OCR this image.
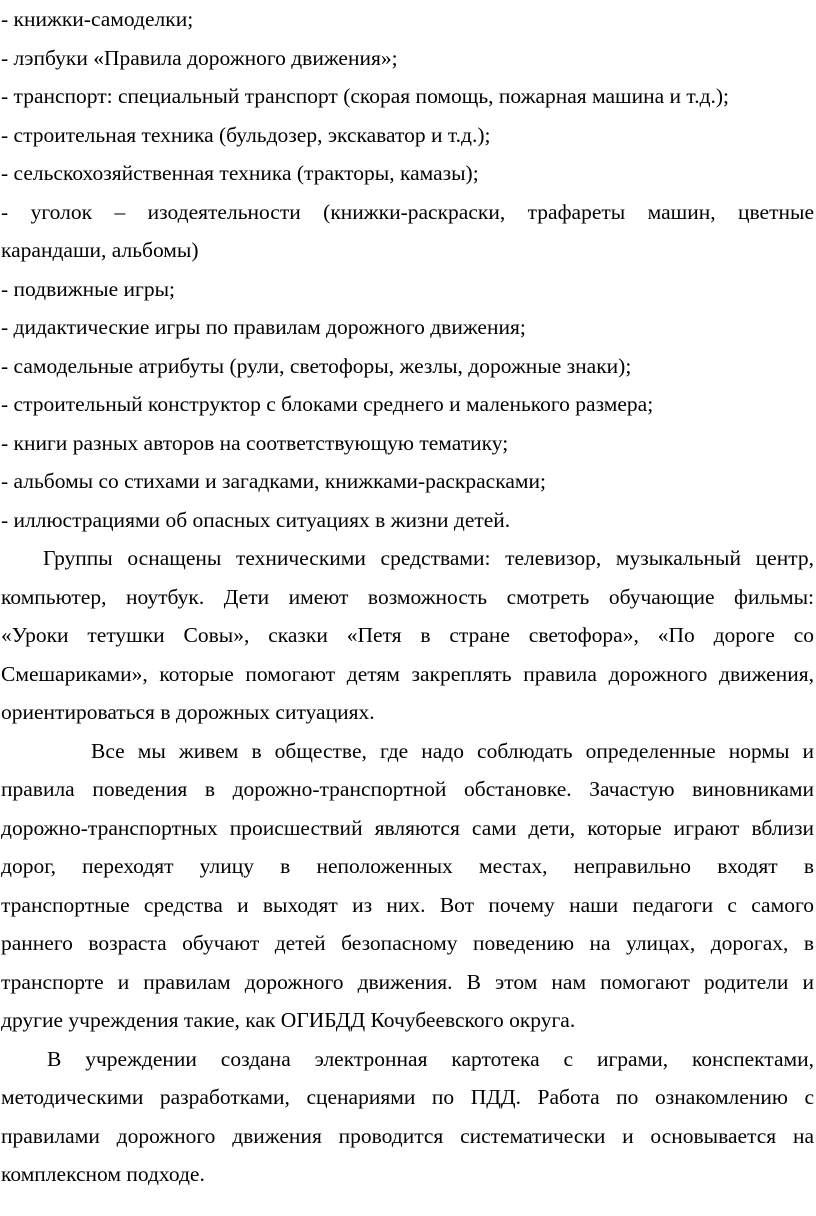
- книжки-самоделки;

- лэпбуки «Правила дорожного движения»;

- транспорт: специальный транспорт (скорая помощь, пожарная машина и т.д.);

- строительная техника (бульдозер, экскаватор и т.д.);

- сельскохозяйственная техника (тракторы, камазы);

- уголок – изодеятельности (книжки-раскраски, трафареты машин, цветные

карандаши, альбомы)

- подвижные игры;

- дидактические игры по правилам дорожного движения;

- самодельные атрибуты (рули, светофоры, жезлы, дорожные знаки);

- строительный конструктор с блоками среднего и маленького размера;

- книги разных авторов на соответствующую тематику;

- альбомы со стихами и загадками, книжками-раскрасками;

- иллюстрациями об опасных ситуациях в жизни детей.

Группы оснащены техническими средствами: телевизор, музыкальный центр,

компьютер, ноутбук. Дети имеют возможность смотреть обучающие фильмы:

«Уроки тетушки Совы», сказки «Петя в стране светофора», «По дороге со

Смешариками», которые помогают детям закреплять правила дорожного движения,

ориентироваться в дорожных ситуациях.

Все мы живем в обществе, где надо соблюдать определенные нормы и

правила поведения в дорожно-транспортной обстановке. Зачастую виновниками

дорожно-транспортных происшествий являются сами дети, которые играют вблизи

дорог, переходят улицу в неположенных местах, неправильно входят в

транспортные средства и выходят из них. Вот почему наши педагоги с самого

раннего возраста обучают детей безопасному поведению на улицах, дорогах, в

транспорте и правилам дорожного движения. В этом нам помогают родители и

другие учреждения такие, как ОГИБДД Кочубеевского округа.

В учреждении создана электронная картотека с играми, конспектами,

методическими разработками, сценариями по ПДД. Работа по ознакомлению с

правилами дорожного движения проводится систематически и основывается на

комплексном подходе.
